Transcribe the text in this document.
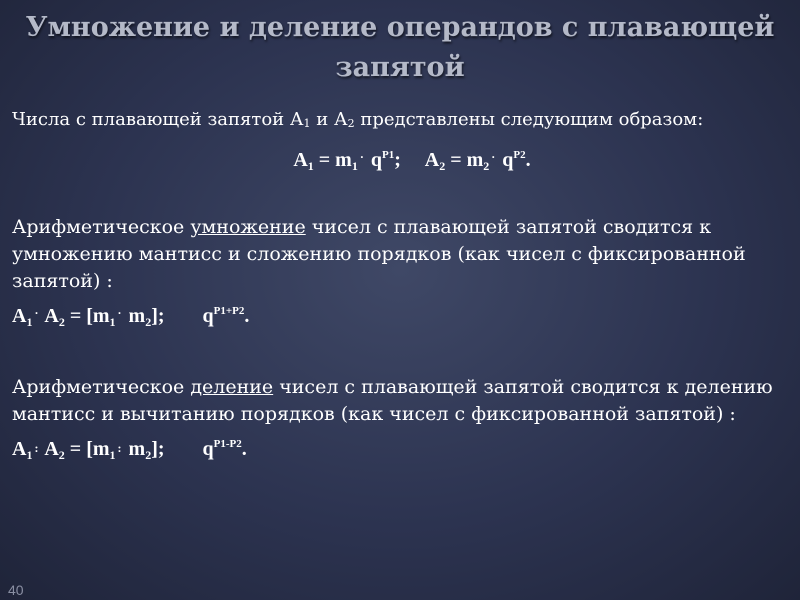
Умножение и деление операндов с плавающей
запятой

Числа с плавающей запятой А1 и А2 представлены следующим образом:

$A_1 = m_1^\cdot$ $q^{P1}$;     $A_2 = m_2^\cdot$ $q^{P2}$.

Арифметическое умножение чисел с плавающей запятой сводится к умножению мантисс и сложению порядков (как чисел с фиксированной запятой) :

$A_1^\cdot$ $A_2 = [m_1^\cdot$ $m_2$]; $q^{P1+P2}$.

Арифметическое деление чисел с плавающей запятой сводится к делению мантисс и вычитанию порядков (как чисел с фиксированной запятой) :

$A_1$ : $A_2 = [m_1$ : $m_2$]; $q^{P1-P2}$.
40
